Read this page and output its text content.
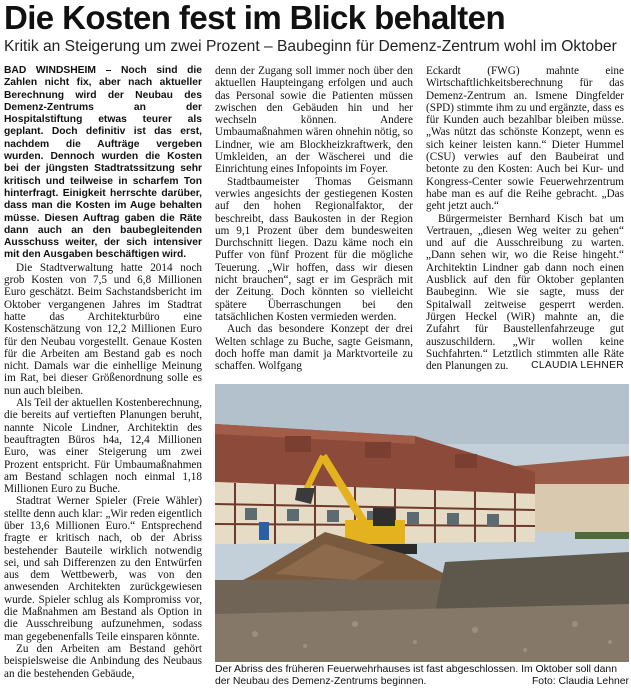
Die Kosten fest im Blick behalten
Kritik an Steigerung um zwei Prozent – Baubeginn für Demenz-Zentrum wohl im Oktober

BAD WINDSHEIM – Noch sind die Zahlen nicht fix, aber nach aktueller Berechnung wird der Neubau des Demenz-Zentrums an der Hospitalstiftung etwas teurer als geplant. Doch definitiv ist das erst, nachdem die Aufträge vergeben wurden. Dennoch wurden die Kosten bei der jüngsten Stadtratssitzung sehr kritisch und teilweise in scharfem Ton hinterfragt. Einigkeit herrschte darüber, dass man die Kosten im Auge behalten müsse. Diesen Auftrag gaben die Räte dann auch an den baubegleitenden Ausschuss weiter, der sich intensiver mit den Ausgaben beschäftigen wird.

Die Stadtverwaltung hatte 2014 noch grob Kosten von 7,5 und 6,8 Millionen Euro geschätzt. Beim Sachstandsbericht im Oktober vergangenen Jahres im Stadtrat hatte das Architekturbüro eine Kostenschätzung von 12,2 Millionen Euro für den Neubau vorgestellt. Genaue Kosten für die Arbeiten am Bestand gab es noch nicht. Damals war die einhellige Meinung im Rat, bei dieser Größenordnung solle es nun auch bleiben.

Als Teil der aktuellen Kostenberechnung, die bereits auf vertieften Planungen beruht, nannte Nicole Lindner, Architektin des beauftragten Büros h4a, 12,4 Millionen Euro, was einer Steigerung um zwei Prozent entspricht. Für Umbaumaßnahmen am Bestand schlagen noch einmal 1,18 Millionen Euro zu Buche.

Stadtrat Werner Spieler (Freie Wähler) stellte denn auch klar: „Wir reden eigentlich über 13,6 Millionen Euro.“ Entsprechend fragte er kritisch nach, ob der Abriss bestehender Bauteile wirklich notwendig sei, und sah Differenzen zu den Entwürfen aus dem Wettbewerb, was von den anwesenden Architekten zurückgewiesen wurde. Spieler schlug als Kompromiss vor, die Maßnahmen am Bestand als Option in die Ausschreibung aufzunehmen, sodass man gegebenenfalls Teile einsparen könnte.

Zu den Arbeiten am Bestand gehört beispielsweise die Anbindung des Neubaus an die bestehenden Gebäude,

denn der Zugang soll immer noch über den aktuellen Haupteingang erfolgen und auch das Personal sowie die Patienten müssen zwischen den Gebäuden hin und her wechseln können. Andere Umbaumaßnahmen wären ohnehin nötig, so Lindner, wie am Blockheizkraftwerk, den Umkleiden, an der Wäscherei und die Einrichtung eines Infopoints im Foyer.

Stadtbaumeister Thomas Geismann verwies angesichts der gestiegenen Kosten auf den hohen Regionalfaktor, der beschreibt, dass Baukosten in der Region um 9,1 Prozent über dem bundesweiten Durchschnitt liegen. Dazu käme noch ein Puffer von fünf Prozent für die mögliche Teuerung. „Wir hoffen, dass wir diesen nicht brauchen“, sagt er im Gespräch mit der Zeitung. Doch könnten so vielleicht spätere Überraschungen bei den tatsächlichen Kosten vermieden werden.

Auch das besondere Konzept der drei Welten schlage zu Buche, sagte Geismann, doch hoffe man damit ja Marktvorteile zu schaffen. Wolfgang

Eckardt (FWG) mahnte eine Wirtschaftlichkeitsberechnung für das Demenz-Zentrum an. Ismene Dingfelder (SPD) stimmte ihm zu und ergänzte, dass es für Kunden auch bezahlbar bleiben müsse. „Was nützt das schönste Konzept, wenn es sich keiner leisten kann.“ Dieter Hummel (CSU) verwies auf den Baubeirat und betonte zu den Kosten: Auch bei Kur- und Kongress-Center sowie Feuerwehrzentrum habe man es auf die Reihe gebracht. „Das geht jetzt auch.“

Bürgermeister Bernhard Kisch bat um Vertrauen, „diesen Weg weiter zu gehen“ und auf die Ausschreibung zu warten. „Dann sehen wir, wo die Reise hingeht.“ Architektin Lindner gab dann noch einen Ausblick auf den für Oktober geplanten Baubeginn. Wie sie sagte, muss der Spitalwall zeitweise gesperrt werden. Jürgen Heckel (WiR) mahnte an, die Zufahrt für Baustellenfahrzeuge gut auszuschildern. „Wir wollen keine Suchfahrten.“ Letztlich stimmten alle Räte den Planungen zu.	CLAUDIA LEHNER

Der Abriss des früheren Feuerwehrhauses ist fast abgeschlossen. Im Oktober soll dann der Neubau des Demenz-Zentrums beginnen.	Foto: Claudia Lehner
